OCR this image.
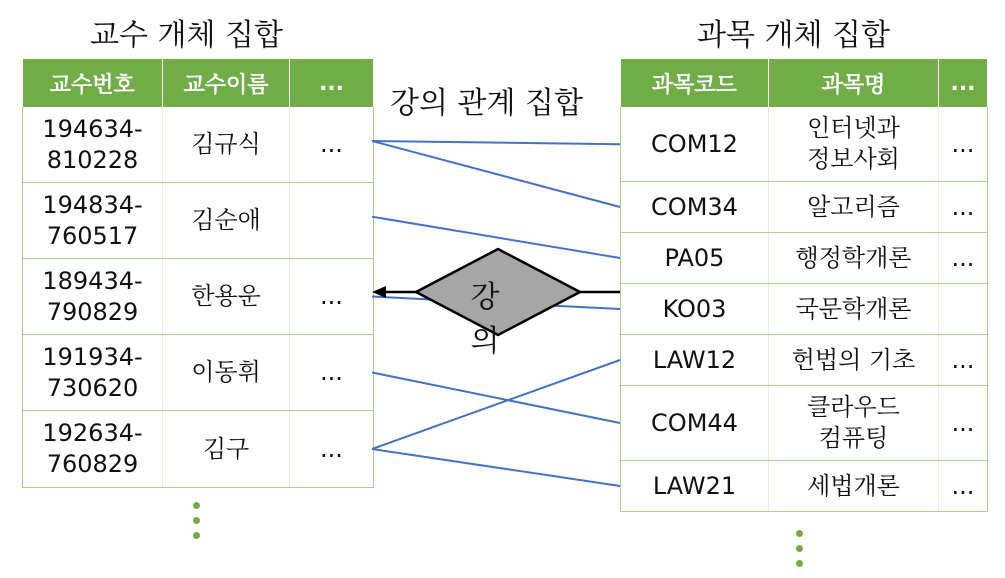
교수 개체 집합	과목 개체 집합
강의 관계 집합
교수번호	교수이름	...
194634-
810228	김규식	...
194834-
760517	김순애	
189434-
790829	한용운	...
191934-
730620	이동휘	...
192634-
760829	김구	...
과목코드	과목명	...
COM12	인터넷과
정보사회	...
COM34	알고리즘	...
PA05	행정학개론	...
KO03	국문학개론	
LAW12	헌법의 기초	...
COM44	클라우드
컴퓨팅	...
LAW21	세법개론	...
강의
